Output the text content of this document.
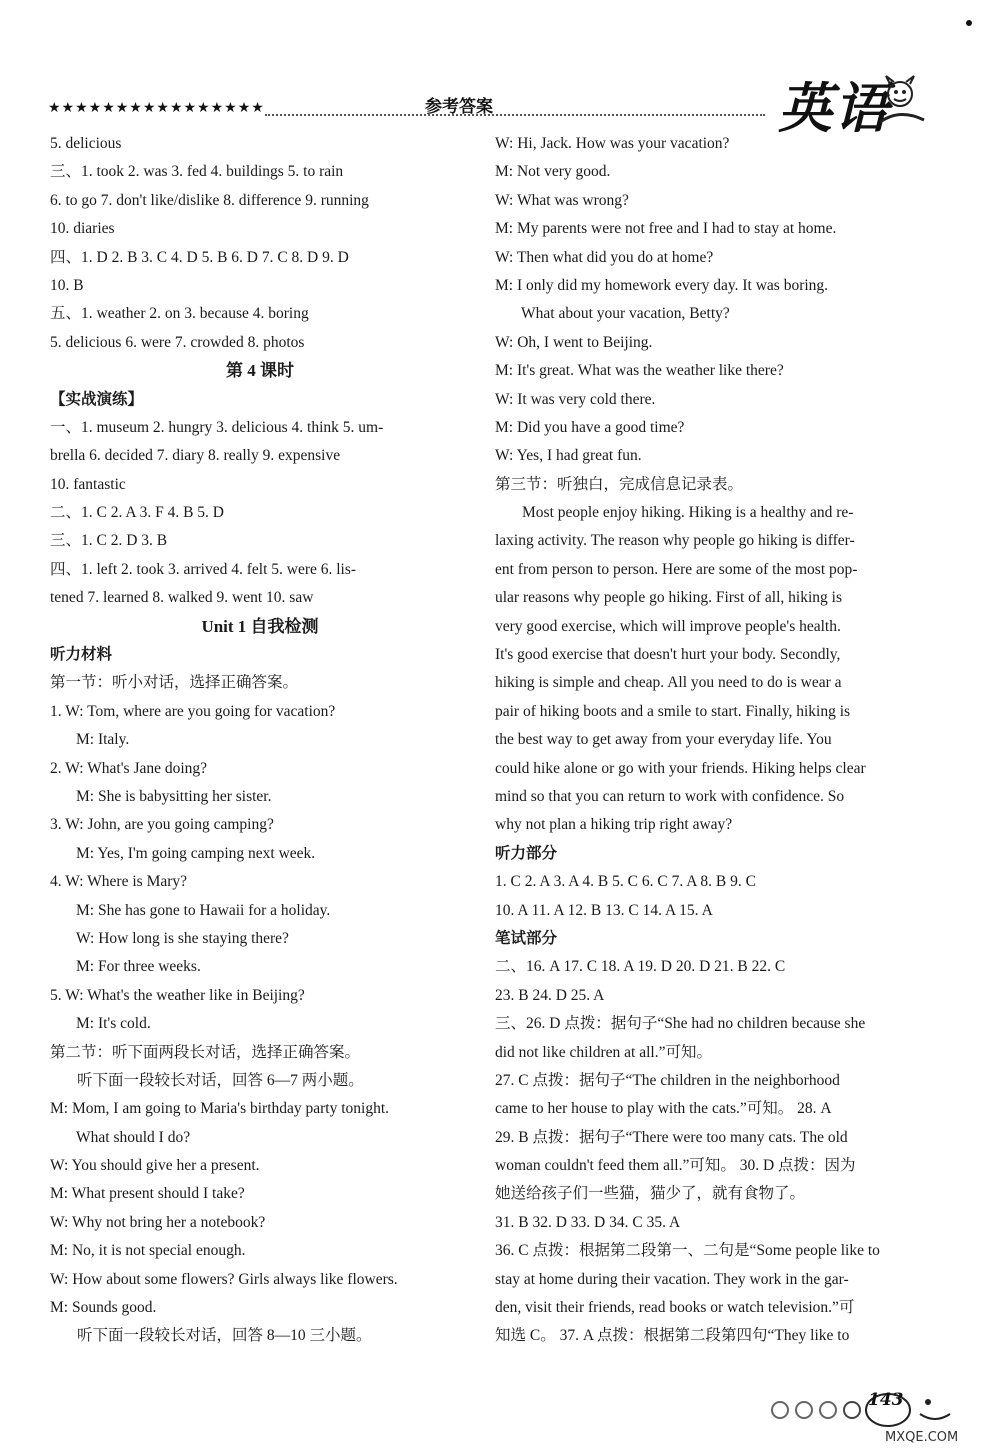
★★★★★★★★★★★★★★★★	参考答案	英语
5. delicious
三、1. took 2. was 3. fed 4. buildings 5. to rain
6. to go 7. don't like/dislike 8. difference 9. running
10. diaries
四、1. D 2. B 3. C 4. D 5. B 6. D 7. C 8. D 9. D
10. B
五、1. weather 2. on 3. because 4. boring
5. delicious 6. were 7. crowded 8. photos
第 4 课时
【实战演练】
一、1. museum 2. hungry 3. delicious 4. think 5. um-
brella 6. decided 7. diary 8. really 9. expensive
10. fantastic
二、1. C 2. A 3. F 4. B 5. D
三、1. C 2. D 3. B
四、1. left 2. took 3. arrived 4. felt 5. were 6. lis-
tened 7. learned 8. walked 9. went 10. saw
Unit 1 自我检测
听力材料
第一节：听小对话，选择正确答案。
1. W: Tom, where are you going for vacation?
M: Italy.
2. W: What's Jane doing?
M: She is babysitting her sister.
3. W: John, are you going camping?
M: Yes, I'm going camping next week.
4. W: Where is Mary?
M: She has gone to Hawaii for a holiday.
W: How long is she staying there?
M: For three weeks.
5. W: What's the weather like in Beijing?
M: It's cold.
第二节：听下面两段长对话，选择正确答案。
听下面一段较长对话，回答 6—7 两小题。
M: Mom, I am going to Maria's birthday party tonight.
What should I do?
W: You should give her a present.
M: What present should I take?
W: Why not bring her a notebook?
M: No, it is not special enough.
W: How about some flowers? Girls always like flowers.
M: Sounds good.
听下面一段较长对话，回答 8—10 三小题。
W: Hi, Jack. How was your vacation?
M: Not very good.
W: What was wrong?
M: My parents were not free and I had to stay at home.
W: Then what did you do at home?
M: I only did my homework every day. It was boring.
What about your vacation, Betty?
W: Oh, I went to Beijing.
M: It's great. What was the weather like there?
W: It was very cold there.
M: Did you have a good time?
W: Yes, I had great fun.
第三节：听独白，完成信息记录表。
Most people enjoy hiking. Hiking is a healthy and re-
laxing activity. The reason why people go hiking is differ-
ent from person to person. Here are some of the most pop-
ular reasons why people go hiking. First of all, hiking is
very good exercise, which will improve people's health.
It's good exercise that doesn't hurt your body. Secondly,
hiking is simple and cheap. All you need to do is wear a
pair of hiking boots and a smile to start. Finally, hiking is
the best way to get away from your everyday life. You
could hike alone or go with your friends. Hiking helps clear
mind so that you can return to work with confidence. So
why not plan a hiking trip right away?
听力部分
1. C 2. A 3. A 4. B 5. C 6. C 7. A 8. B 9. C
10. A 11. A 12. B 13. C 14. A 15. A
笔试部分
二、16. A 17. C 18. A 19. D 20. D 21. B 22. C
23. B 24. D 25. A
三、26. D 点拨：据句子“She had no children because she
did not like children at all.”可知。
27. C 点拨：据句子“The children in the neighborhood
came to her house to play with the cats.”可知。 28. A
29. B 点拨：据句子“There were too many cats. The old
woman couldn't feed them all.”可知。 30. D 点拨：因为
她送给孩子们一些猫，猫少了，就有食物了。
31. B 32. D 33. D 34. C 35. A
36. C 点拨：根据第二段第一、二句是“Some people like to
stay at home during their vacation. They work in the gar-
den, visit their friends, read books or watch television.”可
知选 C。 37. A 点拨：根据第二段第四句“They like to
143
MXQE.COM
